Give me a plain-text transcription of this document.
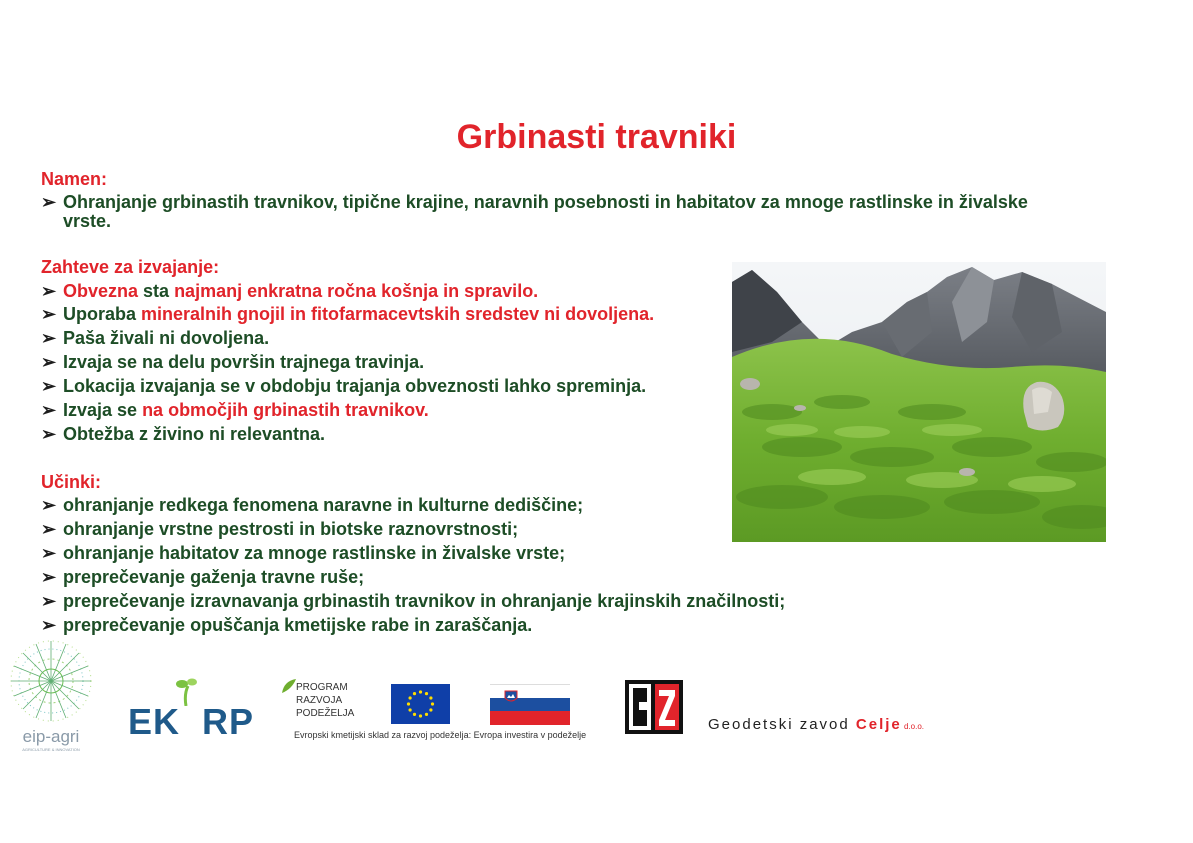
Grbinasti travniki
Namen:
➢ Ohranjanje grbinastih travnikov, tipične krajine, naravnih posebnosti in habitatov za mnoge rastlinske in živalske
vrste.
Zahteve za izvajanje:
➢ Obvezna sta najmanj enkratna ročna košnja in spravilo.
➢ Uporaba mineralnih gnojil in fitofarmacevtskih sredstev ni dovoljena.
➢ Paša živali ni dovoljena.
➢ Izvaja se na delu površin trajnega travinja.
➢ Lokacija izvajanja se v obdobju trajanja obveznosti lahko spreminja.
➢ Izvaja se na območjih grbinastih travnikov.
➢ Obtežba z živino ni relevantna.
Učinki:
➢ ohranjanje redkega fenomena naravne in kulturne dediščine;
➢ ohranjanje vrstne pestrosti in biotske raznovrstnosti;
➢ ohranjanje habitatov za mnoge rastlinske in živalske vrste;
➢ preprečevanje gaženja travne ruše;
➢ preprečevanje izravnavanja grbinastih travnikov in ohranjanje krajinskih značilnosti;
➢ preprečevanje opuščanja kmetijske rabe in zaraščanja.
eip-agri
AGRICULTURE & INNOVATION
EK RP
PROGRAM
RAZVOJA
PODEŽELJA
Evropski kmetijski sklad za razvoj podeželja: Evropa investira v podeželje
Geodetski zavod Celje d.o.o.
